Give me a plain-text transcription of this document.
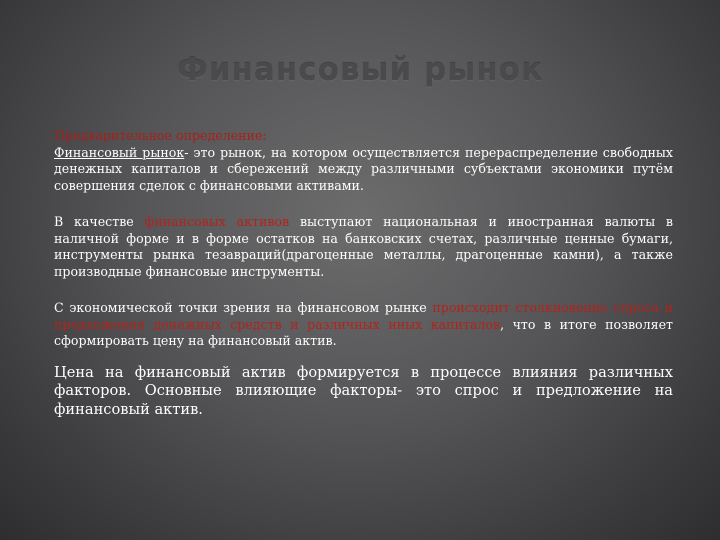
Финансовый рынок
Предварительное определение:

Финансовый рынок- это рынок, на котором осуществляется перераспределение свободных денежных капиталов и сбережений между различными субъектами экономики путём совершения сделок с финансовыми активами.

В качестве финансовых активов выступают национальная и иностранная валюты в наличной форме и в форме остатков на банковских счетах, различные ценные бумаги, инструменты рынка тезавраций(драгоценные металлы, драгоценные камни), а также производные финансовые инструменты.

С экономической точки зрения на финансовом рынке происходит столкновение спроса и предложения денежных средств и различных иных капиталов, что в итоге позволяет сформировать цену на финансовый актив.

Цена на финансовый актив формируется в процессе влияния различных факторов. Основные влияющие факторы- это спрос и предложение на финансовый актив.
